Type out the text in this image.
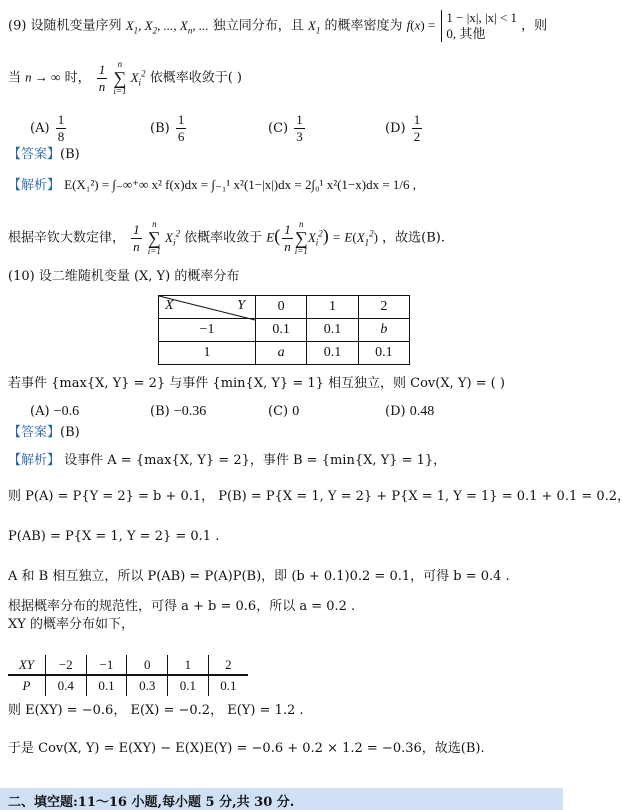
(9) 设随机变量序列 $X_1$, $X_2$, ..., $X_n$, ... 独立同分布，且 $X_1$ 的概率密度为 f(x) = 1 − |x|, |x| < 1
0, 其他	，则
当 n → ∞ 时， $\frac{1}{n}$
n
∑
i=1
$X_i^2$ 依概率收敛于( )
$(A) \frac{1}{8}$	$(B) \frac{1}{6}$	$(C) \frac{1}{3}$	$(D) \frac{1}{2}$
【答案】(B)
【解析】 E(X₁²) = ∫₋∞⁺∞ x² f(x)dx = ∫₋₁¹ x²(1−|x|)dx = 2∫₀¹ x²(1−x)dx = 1/6 ,
根据辛钦大数定律， $\frac{1}{n}$
n
∑
i=1
$X_i^2$ 依概率收敛于 $E( \frac{1}{n}$ n
∑
i=1
$X_i^2) = E(X_1^2)$ ，故选(B).
(10) 设二维随机变量 (X, Y) 的概率分布
X Y	0	1	2
−1	0.1	0.1	b
1	a	0.1	0.1
若事件 {max{X, Y} = 2} 与事件 {min{X, Y} = 1} 相互独立，则 Cov(X, Y) = ( )
(A) −0.6	(B) −0.36	(C) 0	(D) 0.48
【答案】(B)
【解析】 设事件 A = {max{X, Y} = 2}，事件 B = {min{X, Y} = 1}，
则 P(A) = P{Y = 2} = b + 0.1， P(B) = P{X = 1, Y = 2} + P{X = 1, Y = 1} = 0.1 + 0.1 = 0.2，
P(AB) = P{X = 1, Y = 2} = 0.1 .
A 和 B 相互独立，所以 P(AB) = P(A)P(B)，即 (b + 0.1)0.2 = 0.1，可得 b = 0.4 .
根据概率分布的规范性，可得 a + b = 0.6，所以 a = 0.2 .
XY 的概率分布如下，
XY	−2	−1	0	1	2
P	0.4	0.1	0.3	0.1	0.1
则 E(XY) = −0.6， E(X) = −0.2， E(Y) = 1.2 .
于是 Cov(X, Y) = E(XY) − E(X)E(Y) = −0.6 + 0.2 × 1.2 = −0.36，故选(B).
二、填空题:11～16 小题,每小题 5 分,共 30 分.
